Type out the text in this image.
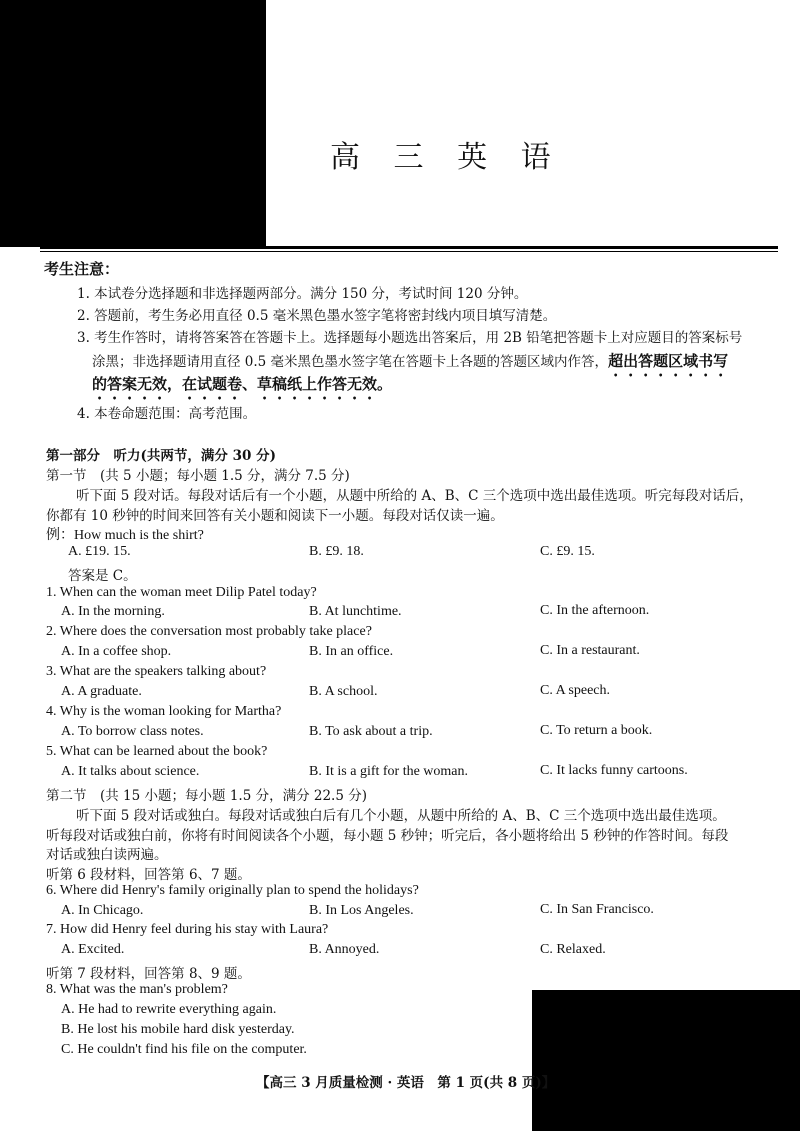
高 三 英 语
考生注意：
1. 本试卷分选择题和非选择题两部分。满分 150 分，考试时间 120 分钟。
2. 答题前，考生务必用直径 0.5 毫米黑色墨水签字笔将密封线内项目填写清楚。
3. 考生作答时，请将答案答在答题卡上。选择题每小题选出答案后，用 2B 铅笔把答题卡上对应题目的答案标号
涂黑；非选择题请用直径 0.5 毫米黑色墨水签字笔在答题卡上各题的答题区域内作答，超出答题区域书写
的答案无效，在试题卷、草稿纸上作答无效。
4. 本卷命题范围：高考范围。
第一部分　听力(共两节，满分 30 分)
第一节　(共 5 小题；每小题 1.5 分，满分 7.5 分)
听下面 5 段对话。每段对话后有一个小题，从题中所给的 A、B、C 三个选项中选出最佳选项。听完每段对话后，
你都有 10 秒钟的时间来回答有关小题和阅读下一小题。每段对话仅读一遍。
例：How much is the shirt?
A. £19. 15.	B. £9. 18.	C. £9. 15.
答案是 C。
1. When can the woman meet Dilip Patel today?
A. In the morning.	B. At lunchtime.	C. In the afternoon.
2. Where does the conversation most probably take place?
A. In a coffee shop.	B. In an office.	C. In a restaurant.
3. What are the speakers talking about?
A. A graduate.	B. A school.	C. A speech.
4. Why is the woman looking for Martha?
A. To borrow class notes.	B. To ask about a trip.	C. To return a book.
5. What can be learned about the book?
A. It talks about science.	B. It is a gift for the woman.	C. It lacks funny cartoons.
第二节　(共 15 小题；每小题 1.5 分，满分 22.5 分)
听下面 5 段对话或独白。每段对话或独白后有几个小题，从题中所给的 A、B、C 三个选项中选出最佳选项。
听每段对话或独白前，你将有时间阅读各个小题，每小题 5 秒钟；听完后，各小题将给出 5 秒钟的作答时间。每段
对话或独白读两遍。
听第 6 段材料，回答第 6、7 题。
6. Where did Henry's family originally plan to spend the holidays?
A. In Chicago.	B. In Los Angeles.	C. In San Francisco.
7. How did Henry feel during his stay with Laura?
A. Excited.	B. Annoyed.	C. Relaxed.
听第 7 段材料，回答第 8、9 题。
8. What was the man's problem?
A. He had to rewrite everything again.
B. He lost his mobile hard disk yesterday.
C. He couldn't find his file on the computer.
【高三 3 月质量检测 · 英语　第 1 页(共 8 页)】
